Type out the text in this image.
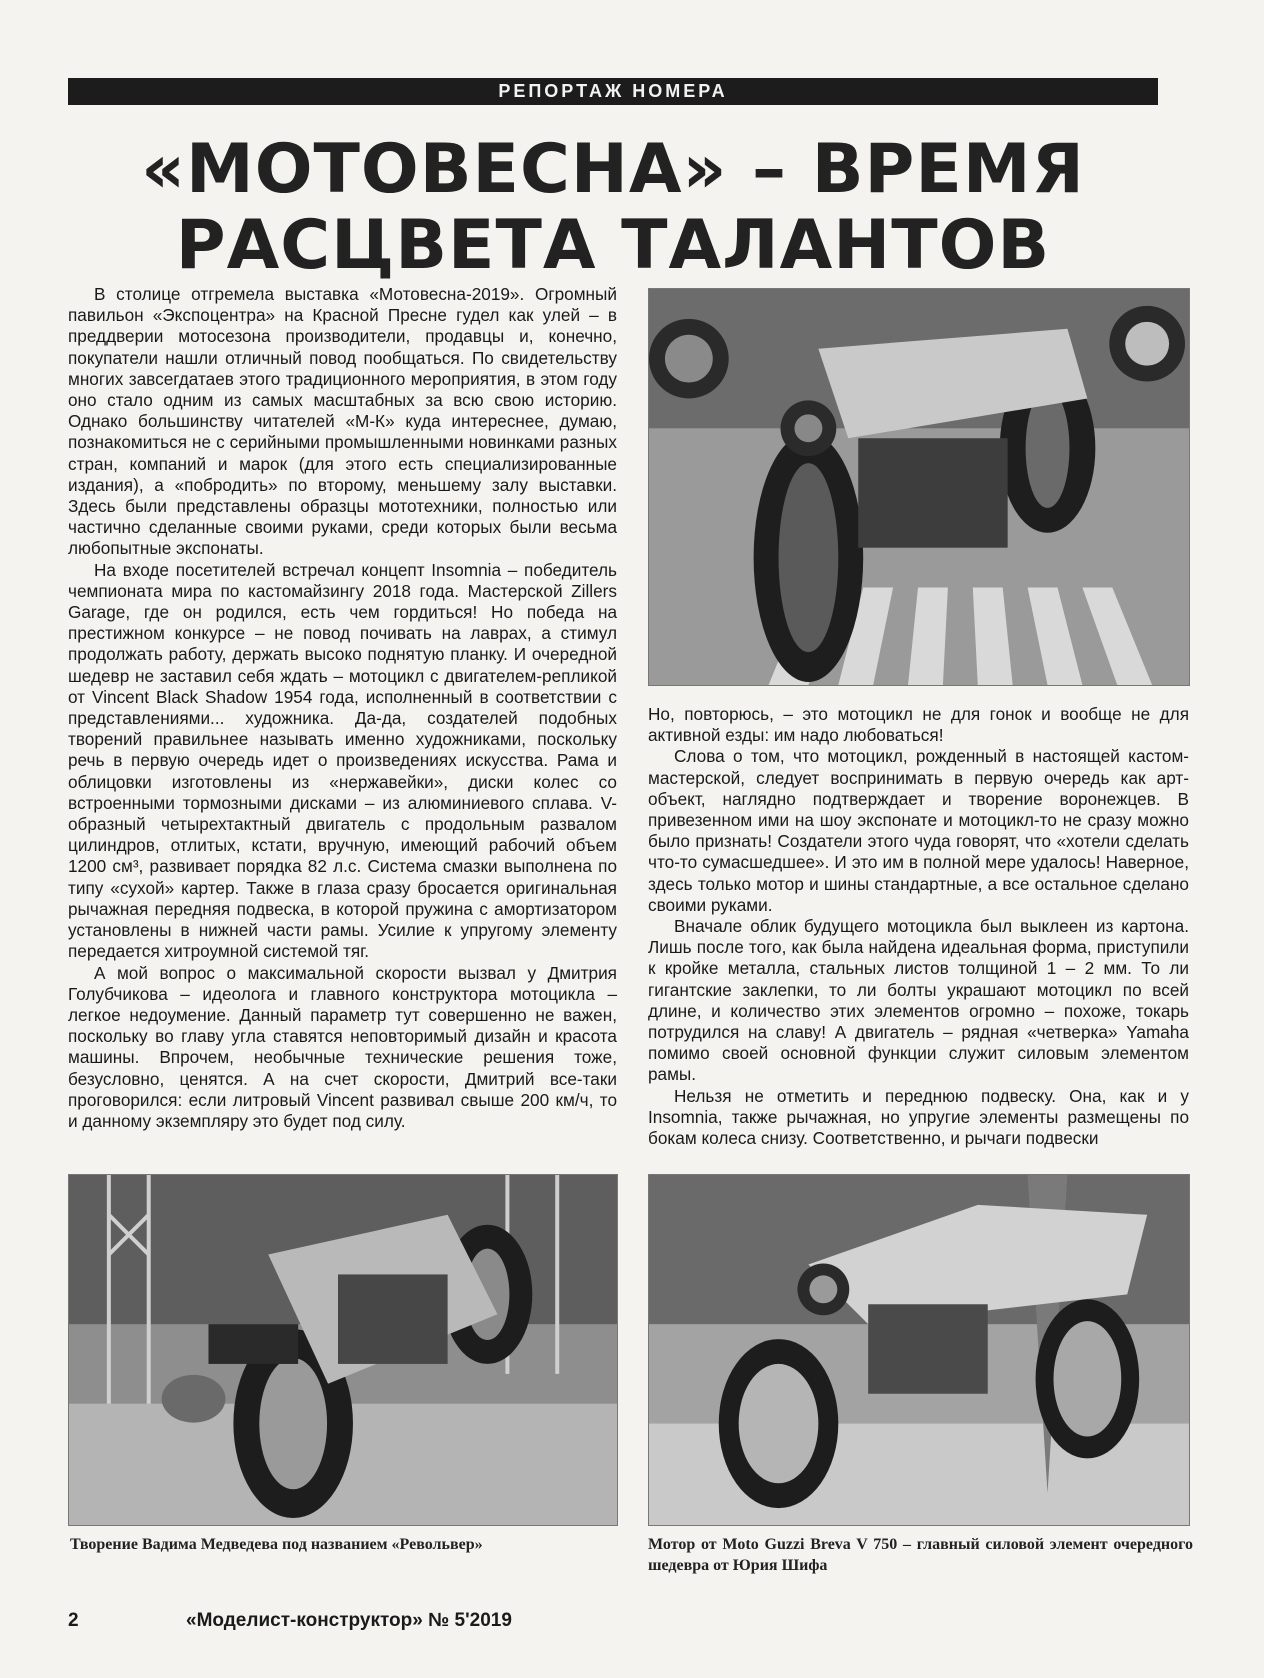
РЕПОРТАЖ НОМЕРА
«МОТОВЕСНА» – ВРЕМЯ
РАСЦВЕТА ТАЛАНТОВ

В столице отгремела выставка «Мотовесна-2019». Огромный павильон «Экспоцентра» на Красной Пресне гудел как улей – в преддверии мотосезона производители, продавцы и, конечно, покупатели нашли отличный повод пообщаться. По свидетельству многих завсегдатаев этого традиционного мероприятия, в этом году оно стало одним из самых масштабных за всю свою историю. Однако большинству читателей «М-К» куда интереснее, думаю, познакомиться не с серийными промышленными новинками разных стран, компаний и марок (для этого есть специализированные издания), а «побродить» по второму, меньшему залу выставки. Здесь были представлены образцы мототехники, полностью или частично сделанные своими руками, среди которых были весьма любопытные экспонаты.

На входе посетителей встречал концепт Insomnia – победитель чемпионата мира по кастомайзингу 2018 года. Мастерской Zillers Garage, где он родился, есть чем гордиться! Но победа на престижном конкурсе – не повод почивать на лаврах, а стимул продолжать работу, держать высоко поднятую планку. И очередной шедевр не заставил себя ждать – мотоцикл с двигателем-репликой от Vincent Black Shadow 1954 года, исполненный в соответствии с представлениями... художника. Да-да, создателей подобных творений правильнее называть именно художниками, поскольку речь в первую очередь идет о произведениях искусства. Рама и облицовки изготовлены из «нержавейки», диски колес со встроенными тормозными дисками – из алюминиевого сплава. V-образный четырехтактный двигатель с продольным развалом цилиндров, отлитых, кстати, вручную, имеющий рабочий объем 1200 см³, развивает порядка 82 л.с. Система смазки выполнена по типу «сухой» картер. Также в глаза сразу бросается оригинальная рычажная передняя подвеска, в которой пружина с амортизатором установлены в нижней части рамы. Усилие к упругому элементу передается хитроумной системой тяг.

А мой вопрос о максимальной скорости вызвал у Дмитрия Голубчикова – идеолога и главного конструктора мотоцикла – легкое недоумение. Данный параметр тут совершенно не важен, поскольку во главу угла ставятся неповторимый дизайн и красота машины. Впрочем, необычные технические решения тоже, безусловно, ценятся. А на счет скорости, Дмитрий все-таки проговорился: если литровый Vincent развивал свыше 200 км/ч, то и данному экземпляру это будет под силу.

Но, повторюсь, – это мотоцикл не для гонок и вообще не для активной езды: им надо любоваться!

Слова о том, что мотоцикл, рожденный в настоящей кастом-мастерской, следует воспринимать в первую очередь как арт-объект, наглядно подтверждает и творение воронежцев. В привезенном ими на шоу экспонате и мотоцикл-то не сразу можно было признать! Создатели этого чуда говорят, что «хотели сделать что-то сумасшедшее». И это им в полной мере удалось! Наверное, здесь только мотор и шины стандартные, а все остальное сделано своими руками.

Вначале облик будущего мотоцикла был выклеен из картона. Лишь после того, как была найдена идеальная форма, приступили к кройке металла, стальных листов толщиной 1 – 2 мм. То ли гигантские заклепки, то ли болты украшают мотоцикл по всей длине, и количество этих элементов огромно – похоже, токарь потрудился на славу! А двигатель – рядная «четверка» Yamaha помимо своей основной функции служит силовым элементом рамы.

Нельзя не отметить и переднюю подвеску. Она, как и у Insomnia, также рычажная, но упругие элементы размещены по бокам колеса снизу. Соответственно, и рычаги подвески

Творение Вадима Медведева под названием «Револьвер»	Мотор от Moto Guzzi Breva V 750 – главный силовой элемент очередного шедевра от Юрия Шифа
2	«Моделист-конструктор» № 5'2019
